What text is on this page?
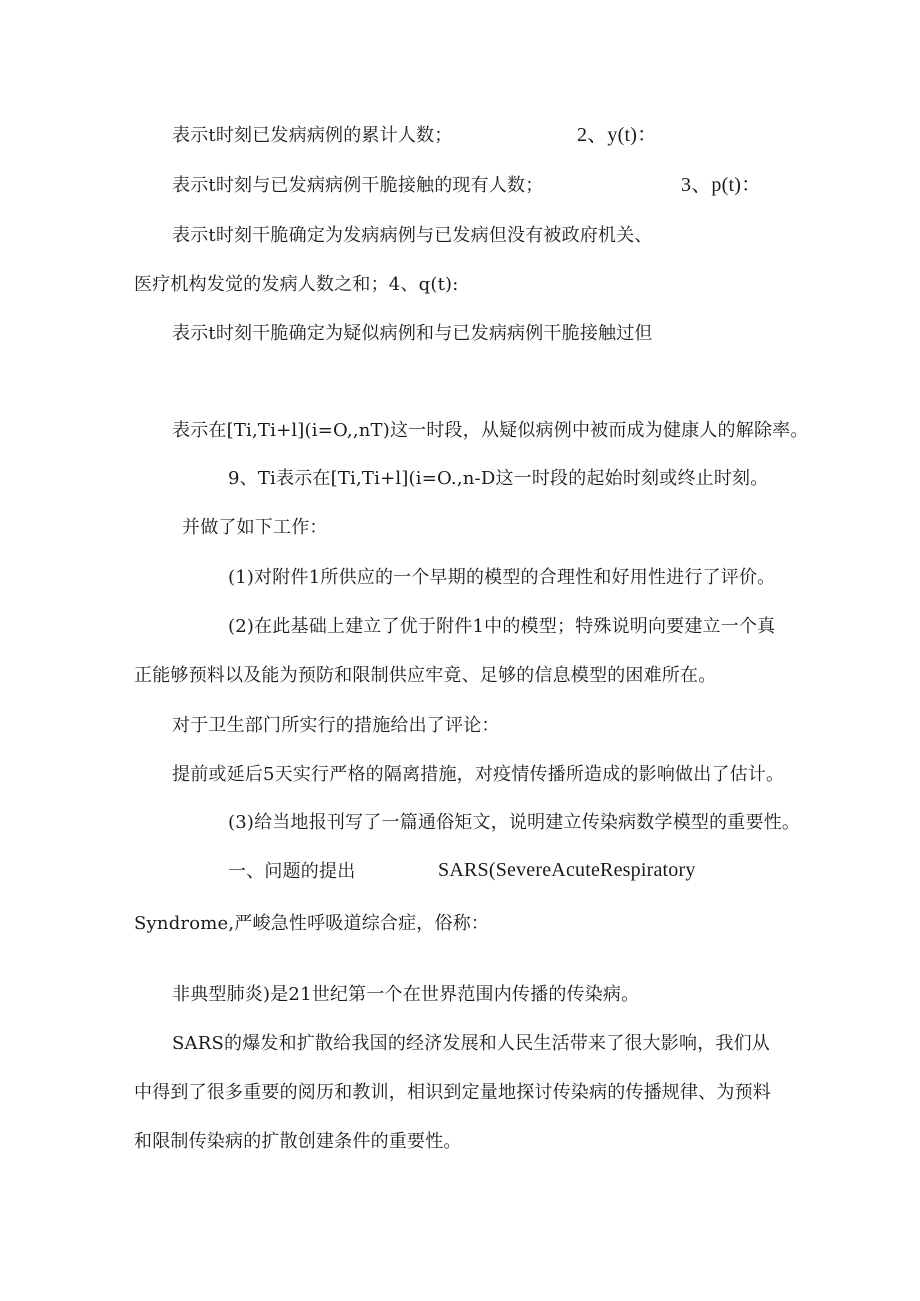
表示t时刻已发病病例的累计人数；	2、y(t)：
表示t时刻与已发病病例干脆接触的现有人数；	3、p(t)：
表示t时刻干脆确定为发病病例与已发病但没有被政府机关、
医疗机构发觉的发病人数之和；4、q(t):
表示t时刻干脆确定为疑似病例和与已发病病例干脆接触过但
表示在[Ti,Ti+l](i=O,,nT)这一时段，从疑似病例中被而成为健康人的解除率。
9、Ti表示在[Ti,Ti+l](i=O.,n-D这一时段的起始时刻或终止时刻。
并做了如下工作：
(1)对附件1所供应的一个早期的模型的合理性和好用性进行了评价。
(2)在此基础上建立了优于附件1中的模型；特殊说明向要建立一个真
正能够预料以及能为预防和限制供应牢竟、足够的信息模型的困难所在。
对于卫生部门所实行的措施给出了评论：
提前或延后5天实行严格的隔离措施，对疫情传播所造成的影响做出了估计。
(3)给当地报刊写了一篇通俗矩文，说明建立传染病数学模型的重要性。
一、问题的提出	SARS(SevereAcuteRespiratory
Syndrome,严峻急性呼吸道综合症，俗称：
非典型肺炎)是21世纪第一个在世界范围内传播的传染病。
SARS的爆发和扩散给我国的经济发展和人民生活带来了很大影响，我们从
中得到了很多重要的阅历和教训，相识到定量地探讨传染病的传播规律、为预料
和限制传染病的扩散创建条件的重要性。
